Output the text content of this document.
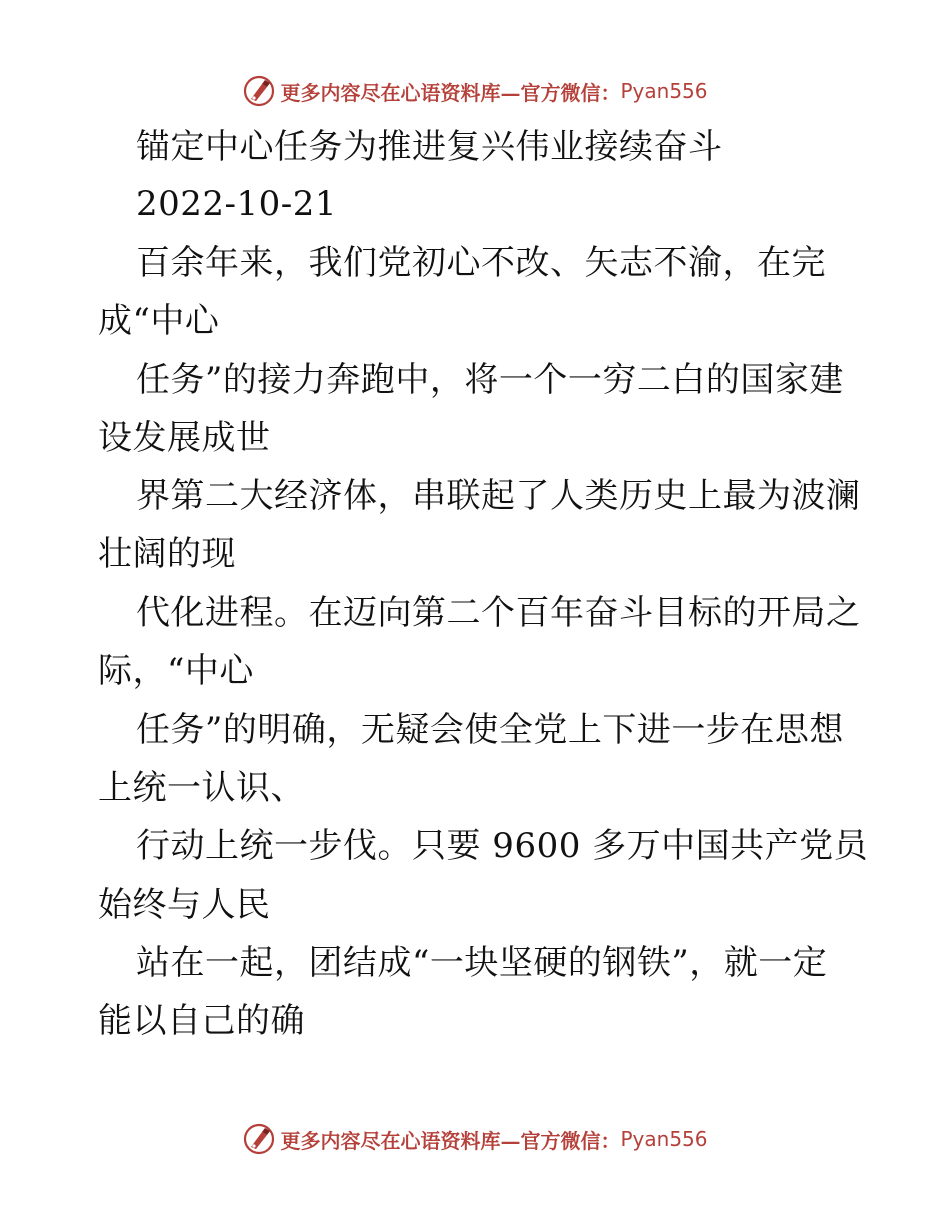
更多内容尽在心语资料库—官方微信： Pyan556
锚定中心任务为推进复兴伟业接续奋斗
2022-10-21
百余年来，我们党初心不改、矢志不渝，在完
成“中心
任务”的接力奔跑中，将一个一穷二白的国家建
设发展成世
界第二大经济体，串联起了人类历史上最为波澜
壮阔的现
代化进程。在迈向第二个百年奋斗目标的开局之
际，“中心
任务”的明确，无疑会使全党上下进一步在思想
上统一认识、
行动上统一步伐。只要 9600 多万中国共产党员
始终与人民
站在一起，团结成“一块坚硬的钢铁”，就一定
能以自己的确
更多内容尽在心语资料库—官方微信： Pyan556
